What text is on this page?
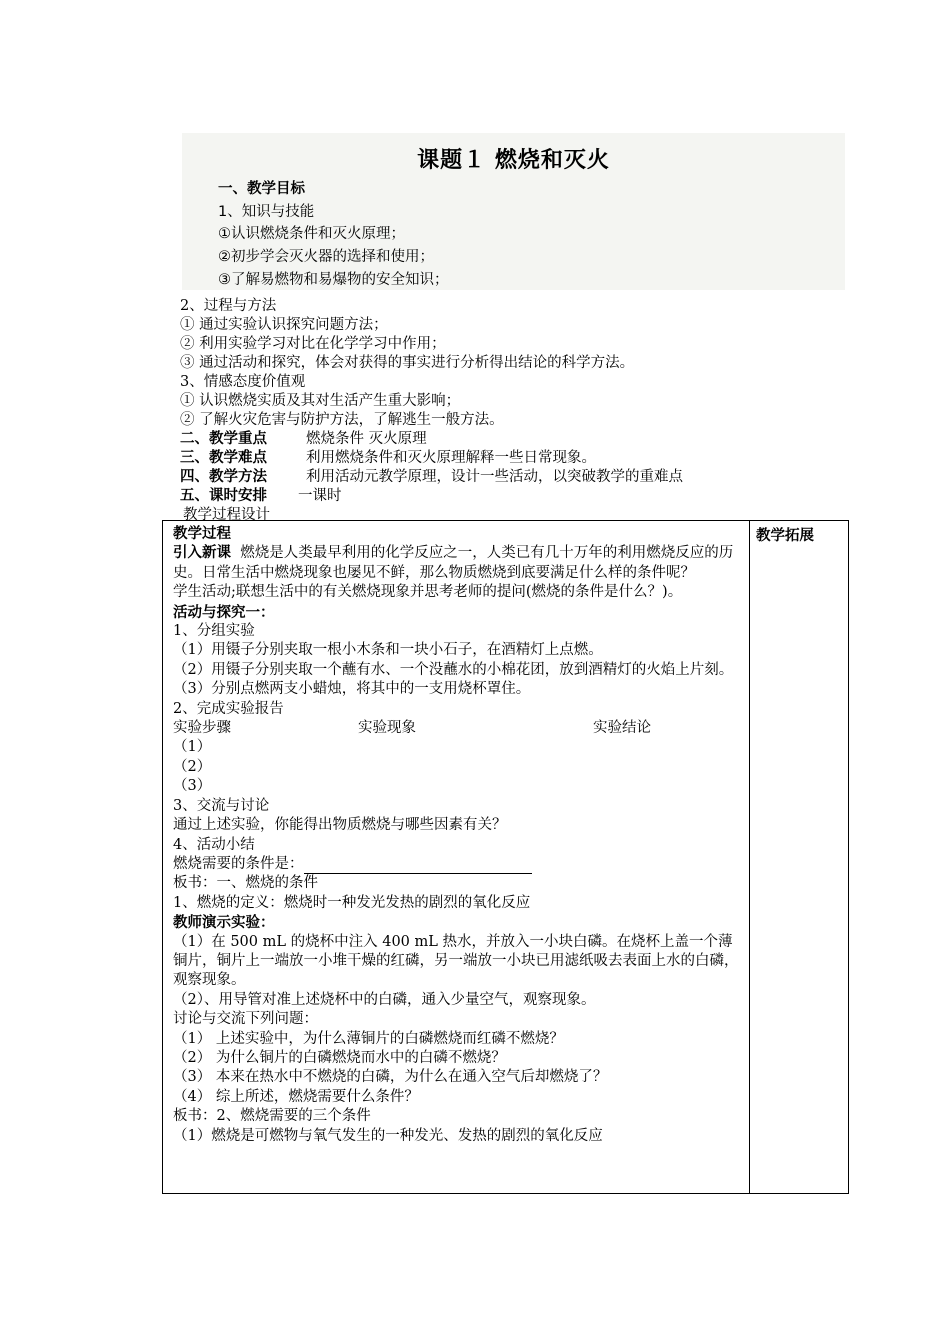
课题１ 燃烧和灭火
一、教学目标
1、知识与技能
①认识燃烧条件和灭火原理；
②初步学会灭火器的选择和使用；
③了解易燃物和易爆物的安全知识；
2、过程与方法
① 通过实验认识探究问题方法；
② 利用实验学习对比在化学学习中作用；
③ 通过活动和探究，体会对获得的事实进行分析得出结论的科学方法。
3、情感态度价值观
① 认识燃烧实质及其对生活产生重大影响；
② 了解火灾危害与防护方法，了解逃生一般方法。
二、教学重点	燃烧条件 灭火原理
三、教学难点	利用燃烧条件和灭火原理解释一些日常现象。
四、教学方法	利用活动元教学原理，设计一些活动，以突破教学的重难点
五、课时安排 一课时
教学过程设计

教学过程

引入新课 燃烧是人类最早利用的化学反应之一，人类已有几十万年的利用燃烧反应的历史。日常生活中燃烧现象也屡见不鲜，那么物质燃烧到底要满足什么样的条件呢？

学生活动;联想生活中的有关燃烧现象并思考老师的提问(燃烧的条件是什么？)。

活动与探究一：

1、分组实验

（1）用镊子分别夹取一根小木条和一块小石子，在酒精灯上点燃。

（2）用镊子分别夹取一个蘸有水、一个没蘸水的小棉花团，放到酒精灯的火焰上片刻。

（3）分别点燃两支小蜡烛，将其中的一支用烧杯罩住。

2、完成实验报告

实验步骤	实验现象	实验结论

（1）

（2）

（3）

3、交流与讨论

通过上述实验，你能得出物质燃烧与哪些因素有关？

4、活动小结

燃烧需要的条件是：

板书：一、燃烧的条件

1、燃烧的定义：燃烧时一种发光发热的剧烈的氧化反应

教师演示实验：

（1）在 500 mL 的烧杯中注入 400 mL 热水，并放入一小块白磷。在烧杯上盖一个薄铜片，铜片上一端放一小堆干燥的红磷，另一端放一小块已用滤纸吸去表面上水的白磷，观察现象。

（2）、用导管对准上述烧杯中的白磷，通入少量空气，观察现象。

讨论与交流下列问题：

（1） 上述实验中，为什么薄铜片的白磷燃烧而红磷不燃烧？

（2） 为什么铜片的白磷燃烧而水中的白磷不燃烧？

（3） 本来在热水中不燃烧的白磷，为什么在通入空气后却燃烧了？

（4） 综上所述，燃烧需要什么条件？

板书：2、燃烧需要的三个条件

（1）燃烧是可燃物与氧气发生的一种发光、发热的剧烈的氧化反应

教学拓展
